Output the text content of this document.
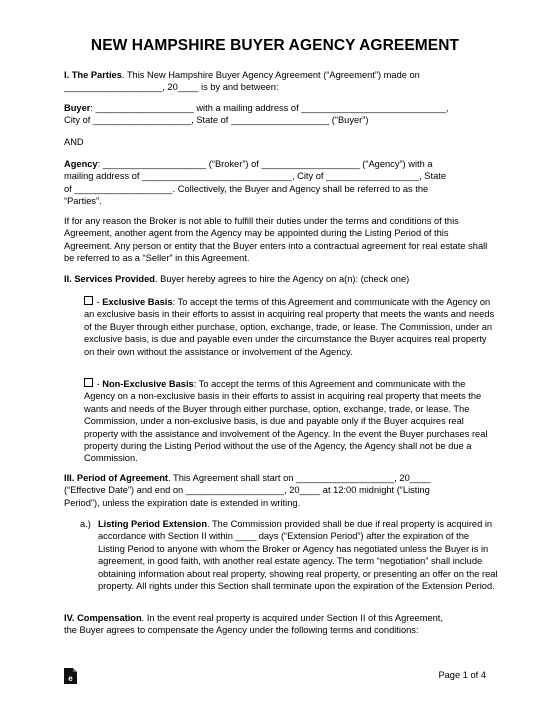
NEW HAMPSHIRE BUYER AGENCY AGREEMENT
I. The Parties. This New Hampshire Buyer Agency Agreement (“Agreement”) made on
___________________, 20____ is by and between:
Buyer: ___________________ with a mailing address of ____________________________,
City of ___________________, State of ___________________ (“Buyer”)
AND
Agency: ____________________ (“Broker”) of ___________________ (“Agency”) with a
mailing address of _____________________________, City of __________________, State
of ___________________. Collectively, the Buyer and Agency shall be referred to as the
“Parties”.
If for any reason the Broker is not able to fulfill their duties under the terms and conditions of this Agreement, another agent from the Agency may be appointed during the Listing Period of this Agreement. Any person or entity that the Buyer enters into a contractual agreement for real estate shall be referred to as a “Seller” in this Agreement.
II. Services Provided. Buyer hereby agrees to hire the Agency on a(n): (check one)
- Exclusive Basis: To accept the terms of this Agreement and communicate with the Agency on an exclusive basis in their efforts to assist in acquiring real property that meets the wants and needs of the Buyer through either purchase, option, exchange, trade, or lease. The Commission, under an exclusive basis, is due and payable even under the circumstance the Buyer acquires real property on their own without the assistance or involvement of the Agency.
- Non-Exclusive Basis: To accept the terms of this Agreement and communicate with the Agency on a non-exclusive basis in their efforts to assist in acquiring real property that meets the wants and needs of the Buyer through either purchase, option, exchange, trade, or lease. The Commission, under a non-exclusive basis, is due and payable only if the Buyer acquires real property with the assistance and involvement of the Agency. In the event the Buyer purchases real property during the Listing Period without the use of the Agency, the Agency shall not be due a Commission.
III. Period of Agreement. This Agreement shall start on ___________________, 20____
(“Effective Date”) and end on ___________________, 20____ at 12:00 midnight (“Listing
Period”), unless the expiration date is extended in writing.
a.) Listing Period Extension. The Commission provided shall be due if real property is acquired in accordance with Section II within ____ days (“Extension Period”) after the expiration of the Listing Period to anyone with whom the Broker or Agency has negotiated unless the Buyer is in agreement, in good faith, with another real estate agency. The term “negotiation” shall include obtaining information about real property, showing real property, or presenting an offer on the real property. All rights under this Section shall terminate upon the expiration of the Extension Period.
IV. Compensation. In the event real property is acquired under Section II of this Agreement,
the Buyer agrees to compensate the Agency under the following terms and conditions:
e	Page 1 of 4
